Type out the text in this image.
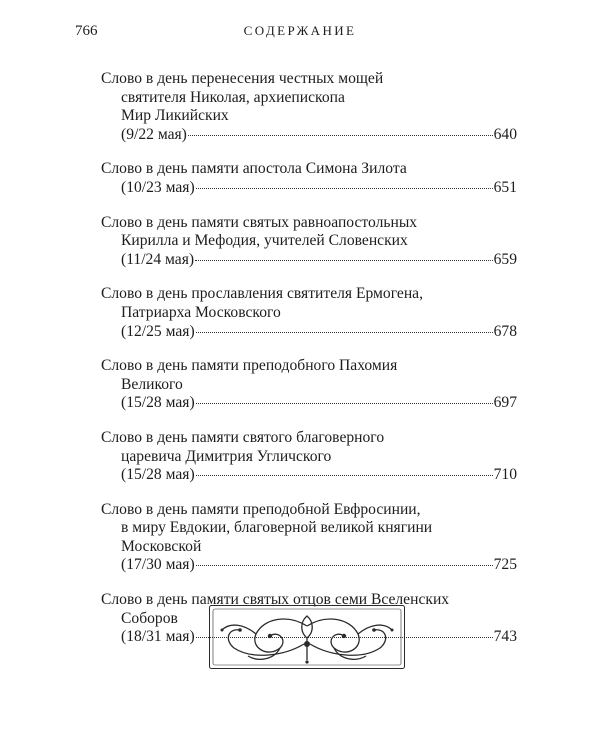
766	СОДЕРЖАНИЕ
Слово в день перенесения честных мощей
святителя Николая, архиепископа
Мир Ликийских
(9/22 мая)	640
Слово в день памяти апостола Симона Зилота
(10/23 мая)	651
Слово в день памяти святых равноапостольных
Кирилла и Мефодия, учителей Словенских
(11/24 мая)	659
Слово в день прославления святителя Ермогена,
Патриарха Московского
(12/25 мая)	678
Слово в день памяти преподобного Пахомия
Великого
(15/28 мая)	697
Слово в день памяти святого благоверного
царевича Димитрия Угличского
(15/28 мая)	710
Слово в день памяти преподобной Евфросинии,
в миру Евдокии, благоверной великой княгини
Московской
(17/30 мая)	725
Слово в день памяти святых отцов семи Вселенских
Соборов
(18/31 мая)	743
